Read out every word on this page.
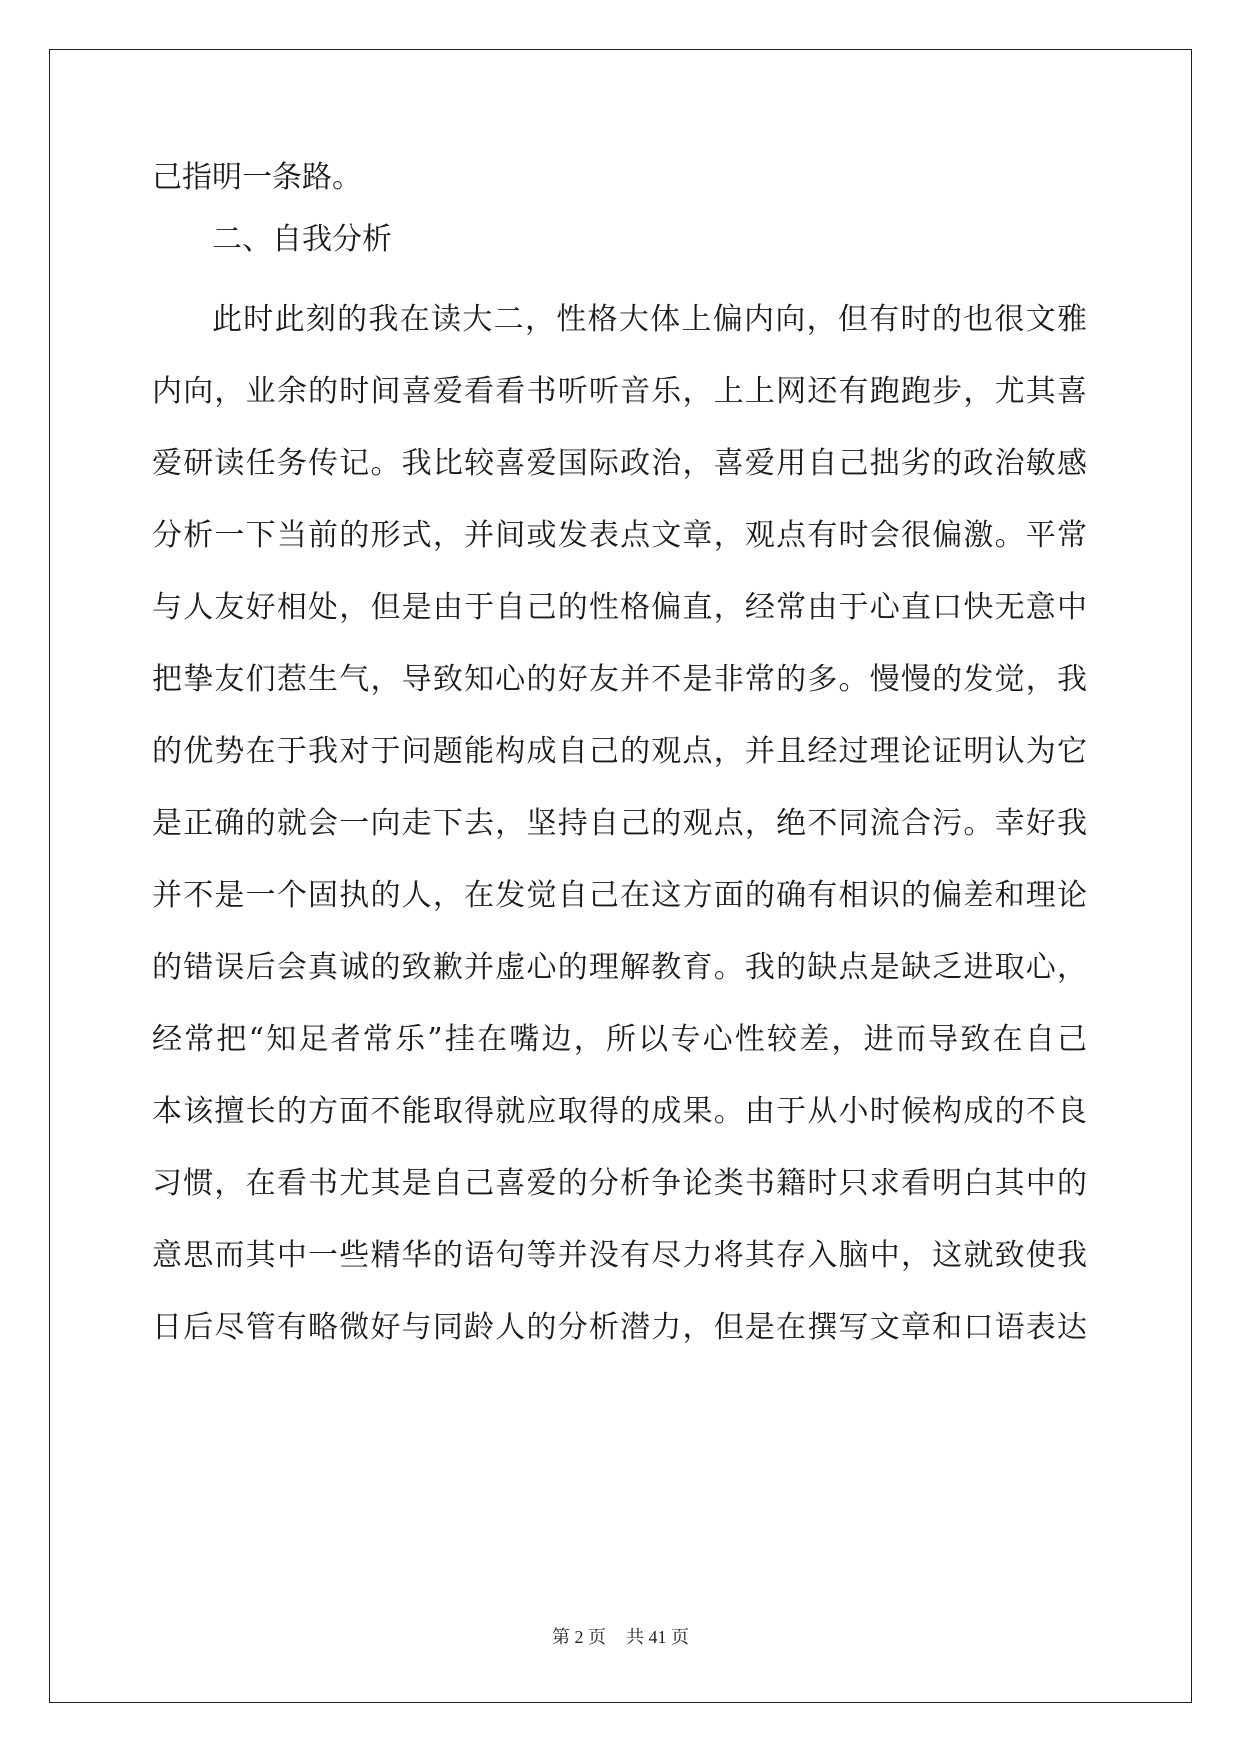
己指明一条路。
二、自我分析
此时此刻的我在读大二，性格大体上偏内向，但有时的也很文雅
内向，业余的时间喜爱看看书听听音乐，上上网还有跑跑步，尤其喜
爱研读任务传记。我比较喜爱国际政治，喜爱用自己拙劣的政治敏感
分析一下当前的形式，并间或发表点文章，观点有时会很偏激。平常
与人友好相处，但是由于自己的性格偏直，经常由于心直口快无意中
把挚友们惹生气，导致知心的好友并不是非常的多。慢慢的发觉，我
的优势在于我对于问题能构成自己的观点，并且经过理论证明认为它
是正确的就会一向走下去，坚持自己的观点，绝不同流合污。幸好我
并不是一个固执的人，在发觉自己在这方面的确有相识的偏差和理论
的错误后会真诚的致歉并虚心的理解教育。我的缺点是缺乏进取心，
经常把“知足者常乐”挂在嘴边，所以专心性较差，进而导致在自己
本该擅长的方面不能取得就应取得的成果。由于从小时候构成的不良
习惯，在看书尤其是自己喜爱的分析争论类书籍时只求看明白其中的
意思而其中一些精华的语句等并没有尽力将其存入脑中，这就致使我
日后尽管有略微好与同龄人的分析潜力，但是在撰写文章和口语表达
第 2 页 共 41 页
